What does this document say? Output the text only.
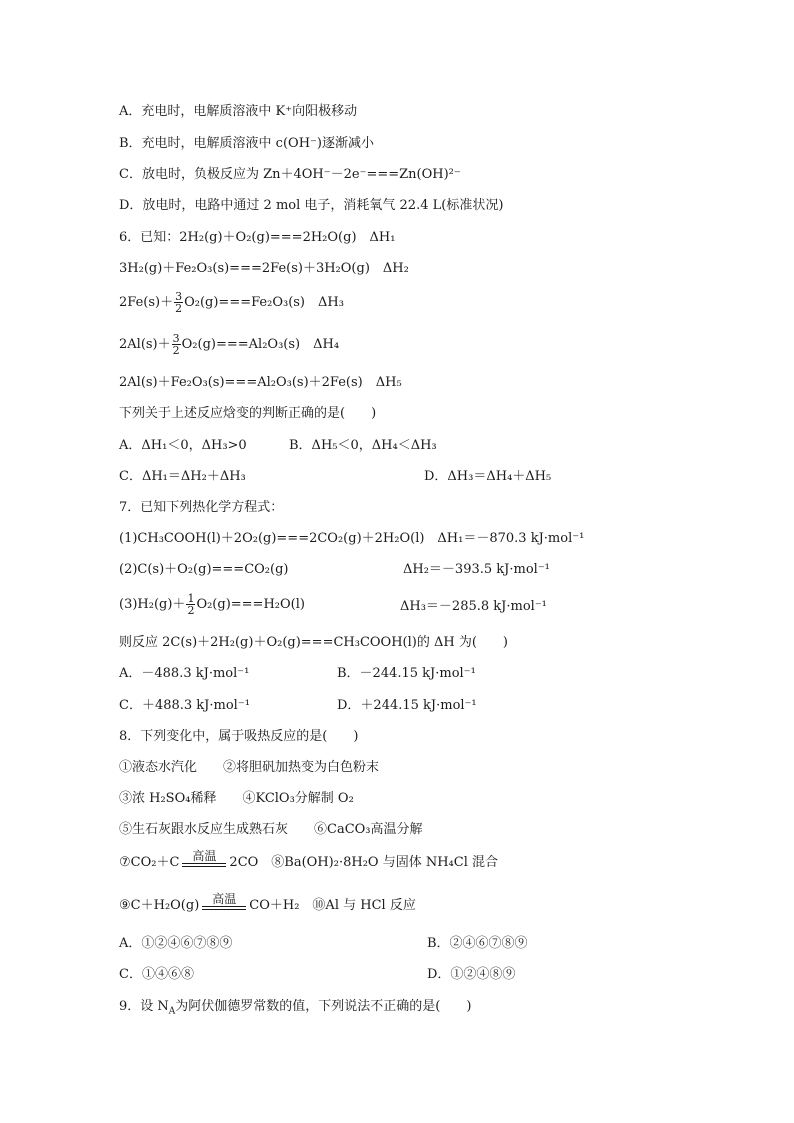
A．充电时，电解质溶液中 K⁺向阳极移动
B．充电时，电解质溶液中 c(OH⁻)逐渐减小
C．放电时，负极反应为 Zn＋4OH⁻－2e⁻===Zn(OH)²⁻
D．放电时，电路中通过 2 mol 电子，消耗氧气 22.4 L(标准状况)
6．已知：2H₂(g)＋O₂(g)===2H₂O(g)　ΔH₁
3H₂(g)＋Fe₂O₃(s)===2Fe(s)＋3H₂O(g)　ΔH₂
$2Fe(s)+ \frac{3}{2} O_2(g)===Fe_2O_3(s)$　ΔH₃
$2Al(s)+ \frac{3}{2} O_2(g)===Al_2O_3(s)$　ΔH₄
2Al(s)＋Fe₂O₃(s)===Al₂O₃(s)＋2Fe(s)　ΔH₅
下列关于上述反应焓变的判断正确的是(　　)
A．ΔH₁＜0，ΔH₃>0	B．ΔH₅＜0，ΔH₄＜ΔH₃
C．ΔH₁＝ΔH₂＋ΔH₃	D．ΔH₃＝ΔH₄＋ΔH₅
7．已知下列热化学方程式：
(1)CH₃COOH(l)＋2O₂(g)===2CO₂(g)＋2H₂O(l)　ΔH₁＝－870.3 kJ·mol⁻¹
(2)C(s)＋O₂(g)===CO₂(g)	ΔH₂＝－393.5 kJ·mol⁻¹
$(3)H_2(g)+ \frac{1}{2} O_2(g)===H_2O(l)$	ΔH₃＝－285.8 kJ·mol⁻¹
则反应 2C(s)＋2H₂(g)＋O₂(g)===CH₃COOH(l)的 ΔH 为(　　)
A．－488.3 kJ·mol⁻¹	B．－244.15 kJ·mol⁻¹
C．＋488.3 kJ·mol⁻¹	D．＋244.15 kJ·mol⁻¹
8．下列变化中，属于吸热反应的是(　　)
①液态水汽化　　②将胆矾加热变为白色粉末
③浓 H₂SO₄稀释　　④KClO₃分解制 O₂
⑤生石灰跟水反应生成熟石灰　　⑥CaCO₃高温分解
⑦CO₂＋C	高温	2CO　⑧Ba(OH)₂·8H₂O 与固体 NH₄Cl 混合
⑨C＋H₂O(g)	高温	CO＋H₂　⑩Al 与 HCl 反应
A．①②④⑥⑦⑧⑨	B．②④⑥⑦⑧⑨
C．①④⑥⑧	D．①②④⑧⑨
9．设 $N_A$为阿伏伽德罗常数的值，下列说法不正确的是(　　)
